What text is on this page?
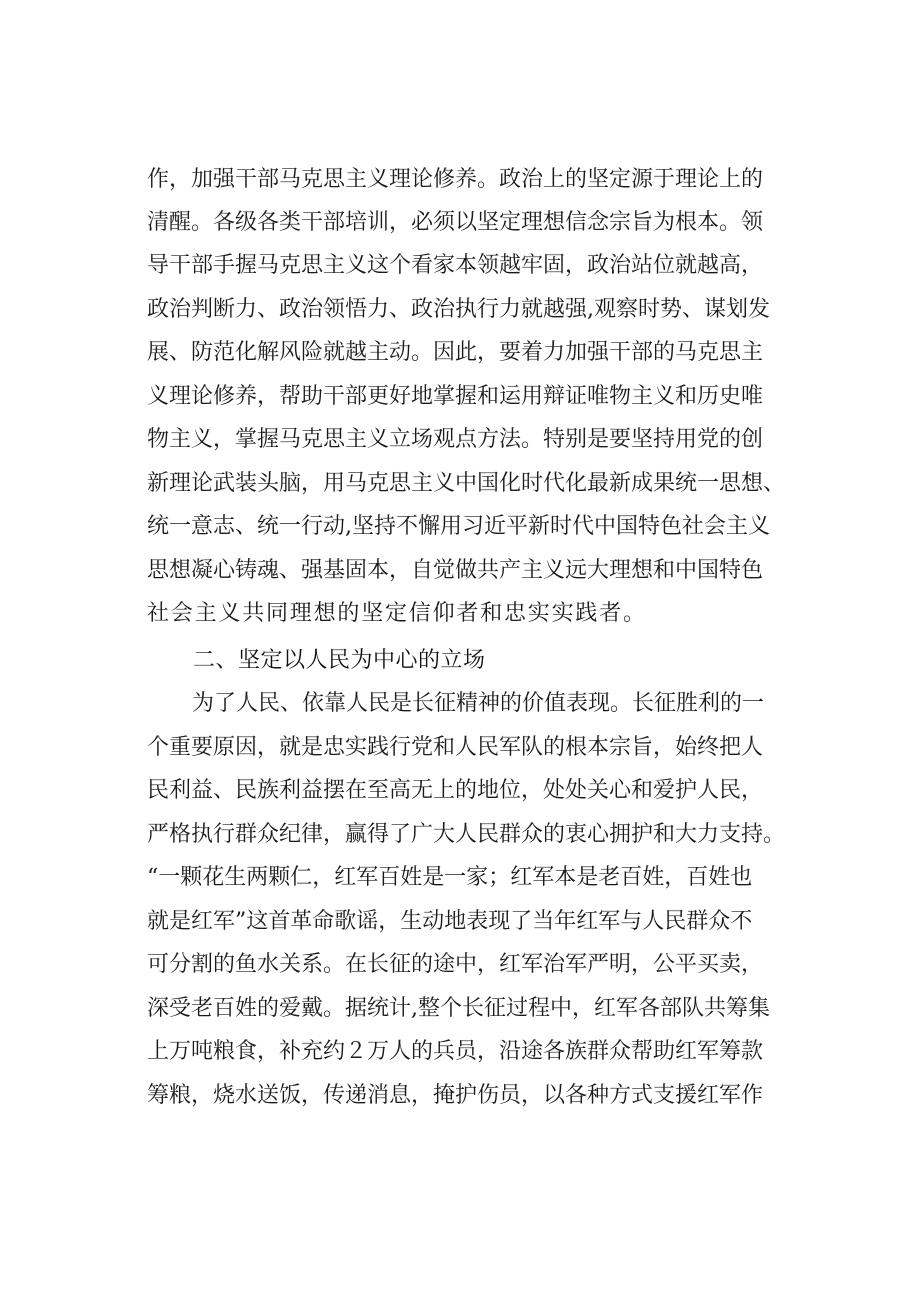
作，加强干部马克思主义理论修养。政治上的坚定源于理论上的
清醒。各级各类干部培训，必须以坚定理想信念宗旨为根本。领
导干部手握马克思主义这个看家本领越牢固，政治站位就越高，
政治判断力、政治领悟力、政治执行力就越强,观察时势、谋划发
展、防范化解风险就越主动。因此，要着力加强干部的马克思主
义理论修养，帮助干部更好地掌握和运用辩证唯物主义和历史唯
物主义，掌握马克思主义立场观点方法。特别是要坚持用党的创
新理论武装头脑，用马克思主义中国化时代化最新成果统一思想、
统一意志、统一行动,坚持不懈用习近平新时代中国特色社会主义
思想凝心铸魂、强基固本，自觉做共产主义远大理想和中国特色
社会主义共同理想的坚定信仰者和忠实实践者。
二、坚定以人民为中心的立场
为了人民、依靠人民是长征精神的价值表现。长征胜利的一
个重要原因，就是忠实践行党和人民军队的根本宗旨，始终把人
民利益、民族利益摆在至高无上的地位，处处关心和爱护人民，
严格执行群众纪律，赢得了广大人民群众的衷心拥护和大力支持。
“一颗花生两颗仁，红军百姓是一家；红军本是老百姓，百姓也
就是红军”这首革命歌谣，生动地表现了当年红军与人民群众不
可分割的鱼水关系。在长征的途中，红军治军严明，公平买卖，
深受老百姓的爱戴。据统计,整个长征过程中，红军各部队共筹集
上万吨粮食，补充约２万人的兵员，沿途各族群众帮助红军筹款
筹粮，烧水送饭，传递消息，掩护伤员，以各种方式支援红军作
